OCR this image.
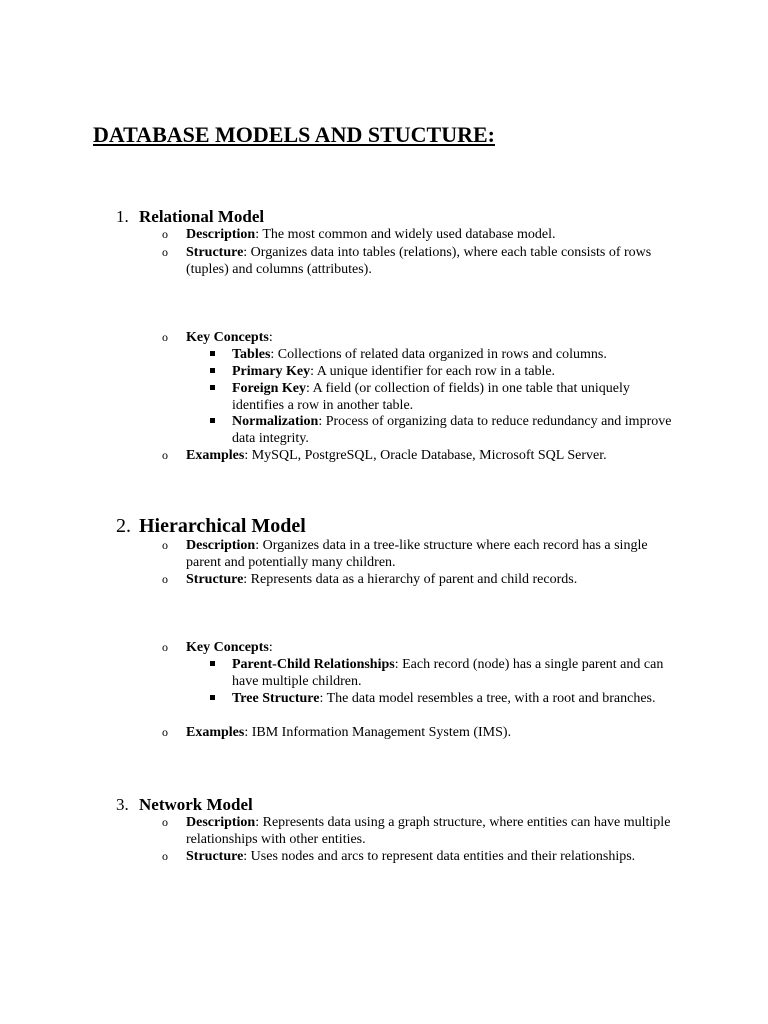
DATABASE MODELS AND STUCTURE:
1. Relational Model
o Description: The most common and widely used database model.
o Structure: Organizes data into tables (relations), where each table consists of rows (tuples) and columns (attributes).
o Key Concepts:
Tables: Collections of related data organized in rows and columns.
Primary Key: A unique identifier for each row in a table.
Foreign Key: A field (or collection of fields) in one table that uniquely identifies a row in another table.
Normalization: Process of organizing data to reduce redundancy and improve data integrity.
o Examples: MySQL, PostgreSQL, Oracle Database, Microsoft SQL Server.
2. Hierarchical Model
o Description: Organizes data in a tree-like structure where each record has a single parent and potentially many children.
o Structure: Represents data as a hierarchy of parent and child records.
o Key Concepts:
Parent-Child Relationships: Each record (node) has a single parent and can have multiple children.
Tree Structure: The data model resembles a tree, with a root and branches.
o Examples: IBM Information Management System (IMS).
3. Network Model
o Description: Represents data using a graph structure, where entities can have multiple relationships with other entities.
o Structure: Uses nodes and arcs to represent data entities and their relationships.
